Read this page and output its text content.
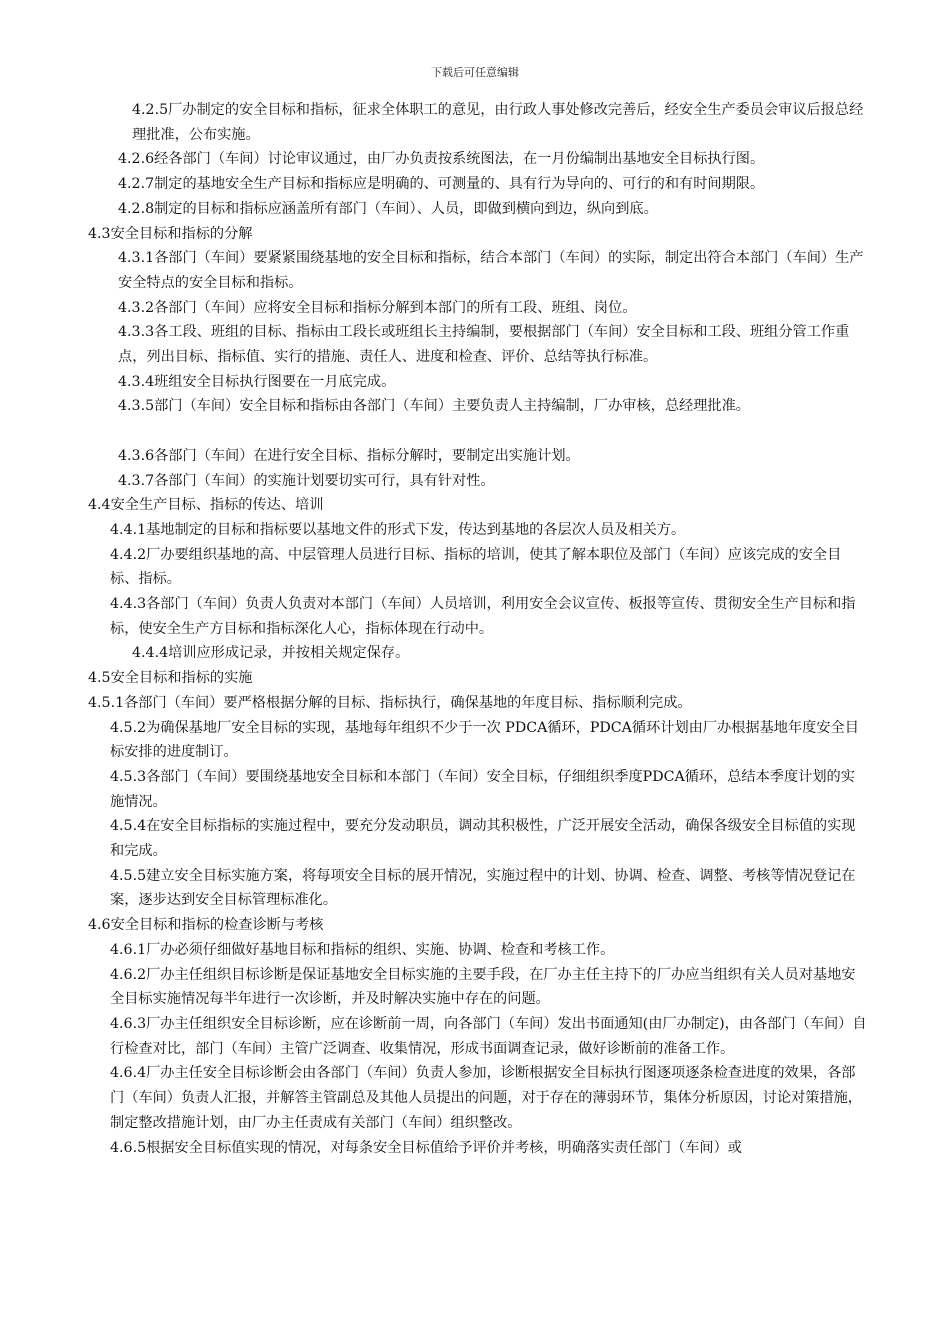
下载后可任意编辑

4.2.5厂办制定的安全目标和指标，征求全体职工的意见，由行政人事处修改完善后，经安全生产委员会审议后报总经理批准，公布实施。

4.2.6经各部门（车间）讨论审议通过，由厂办负责按系统图法，在一月份编制出基地安全目标执行图。

4.2.7制定的基地安全生产目标和指标应是明确的、可测量的、具有行为导向的、可行的和有时间期限。

4.2.8制定的目标和指标应涵盖所有部门（车间）、人员，即做到横向到边，纵向到底。

4.3安全目标和指标的分解

4.3.1各部门（车间）要紧紧围绕基地的安全目标和指标，结合本部门（车间）的实际，制定出符合本部门（车间）生产安全特点的安全目标和指标。

4.3.2各部门（车间）应将安全目标和指标分解到本部门的所有工段、班组、岗位。

4.3.3各工段、班组的目标、指标由工段长或班组长主持编制，要根据部门（车间）安全目标和工段、班组分管工作重点，列出目标、指标值、实行的措施、责任人、进度和检查、评价、总结等执行标准。

4.3.4班组安全目标执行图要在一月底完成。

4.3.5部门（车间）安全目标和指标由各部门（车间）主要负责人主持编制，厂办审核，总经理批准。

4.3.6各部门（车间）在进行安全目标、指标分解时，要制定出实施计划。

4.3.7各部门（车间）的实施计划要切实可行，具有针对性。

4.4安全生产目标、指标的传达、培训

4.4.1基地制定的目标和指标要以基地文件的形式下发，传达到基地的各层次人员及相关方。

4.4.2厂办要组织基地的高、中层管理人员进行目标、指标的培训，使其了解本职位及部门（车间）应该完成的安全目标、指标。

4.4.3各部门（车间）负责人负责对本部门（车间）人员培训，利用安全会议宣传、板报等宣传、贯彻安全生产目标和指标，使安全生产方目标和指标深化人心，指标体现在行动中。

4.4.4培训应形成记录，并按相关规定保存。

4.5安全目标和指标的实施

4.5.1各部门（车间）要严格根据分解的目标、指标执行，确保基地的年度目标、指标顺利完成。

4.5.2为确保基地厂安全目标的实现，基地每年组织不少于一次 PDCA循环，PDCA循环计划由厂办根据基地年度安全目标安排的进度制订。

4.5.3各部门（车间）要围绕基地安全目标和本部门（车间）安全目标，仔细组织季度PDCA循环，总结本季度计划的实施情况。

4.5.4在安全目标指标的实施过程中，要充分发动职员，调动其积极性，广泛开展安全活动，确保各级安全目标值的实现和完成。

4.5.5建立安全目标实施方案，将每项安全目标的展开情况，实施过程中的计划、协调、检查、调整、考核等情况登记在案，逐步达到安全目标管理标准化。

4.6安全目标和指标的检查诊断与考核

4.6.1厂办必须仔细做好基地目标和指标的组织、实施、协调、检查和考核工作。

4.6.2厂办主任组织目标诊断是保证基地安全目标实施的主要手段，在厂办主任主持下的厂办应当组织有关人员对基地安全目标实施情况每半年进行一次诊断，并及时解决实施中存在的问题。

4.6.3厂办主任组织安全目标诊断，应在诊断前一周，向各部门（车间）发出书面通知(由厂办制定)，由各部门（车间）自行检查对比，部门（车间）主管广泛调查、收集情况，形成书面调查记录，做好诊断前的准备工作。

4.6.4厂办主任安全目标诊断会由各部门（车间）负责人参加，诊断根据安全目标执行图逐项逐条检查进度的效果，各部门（车间）负责人汇报，并解答主管副总及其他人员提出的问题，对于存在的薄弱环节，集体分析原因，讨论对策措施，制定整改措施计划，由厂办主任责成有关部门（车间）组织整改。

4.6.5根据安全目标值实现的情况，对每条安全目标值给予评价并考核，明确落实责任部门（车间）或
